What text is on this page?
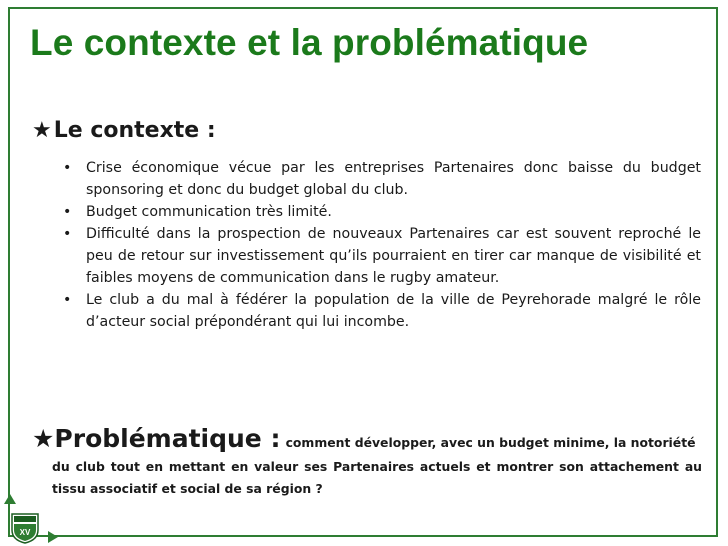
Le contexte et la problématique
★Le contexte :
• Crise économique vécue par les entreprises Partenaires donc baisse du budget sponsoring et donc du budget global du club.
• Budget communication très limité.
• Difficulté dans la prospection de nouveaux Partenaires car est souvent reproché le peu de retour sur investissement qu’ils pourraient en tirer car manque de visibilité et faibles moyens de communication dans le rugby amateur.
• Le club a du mal à fédérer la population de la ville de Peyrehorade malgré le rôle d’acteur social prépondérant qui lui incombe.
★Problématique : comment développer, avec un budget minime, la notoriété
du club tout en mettant en valeur ses Partenaires actuels et montrer son attachement au tissu associatif et social de sa région ?
XV
